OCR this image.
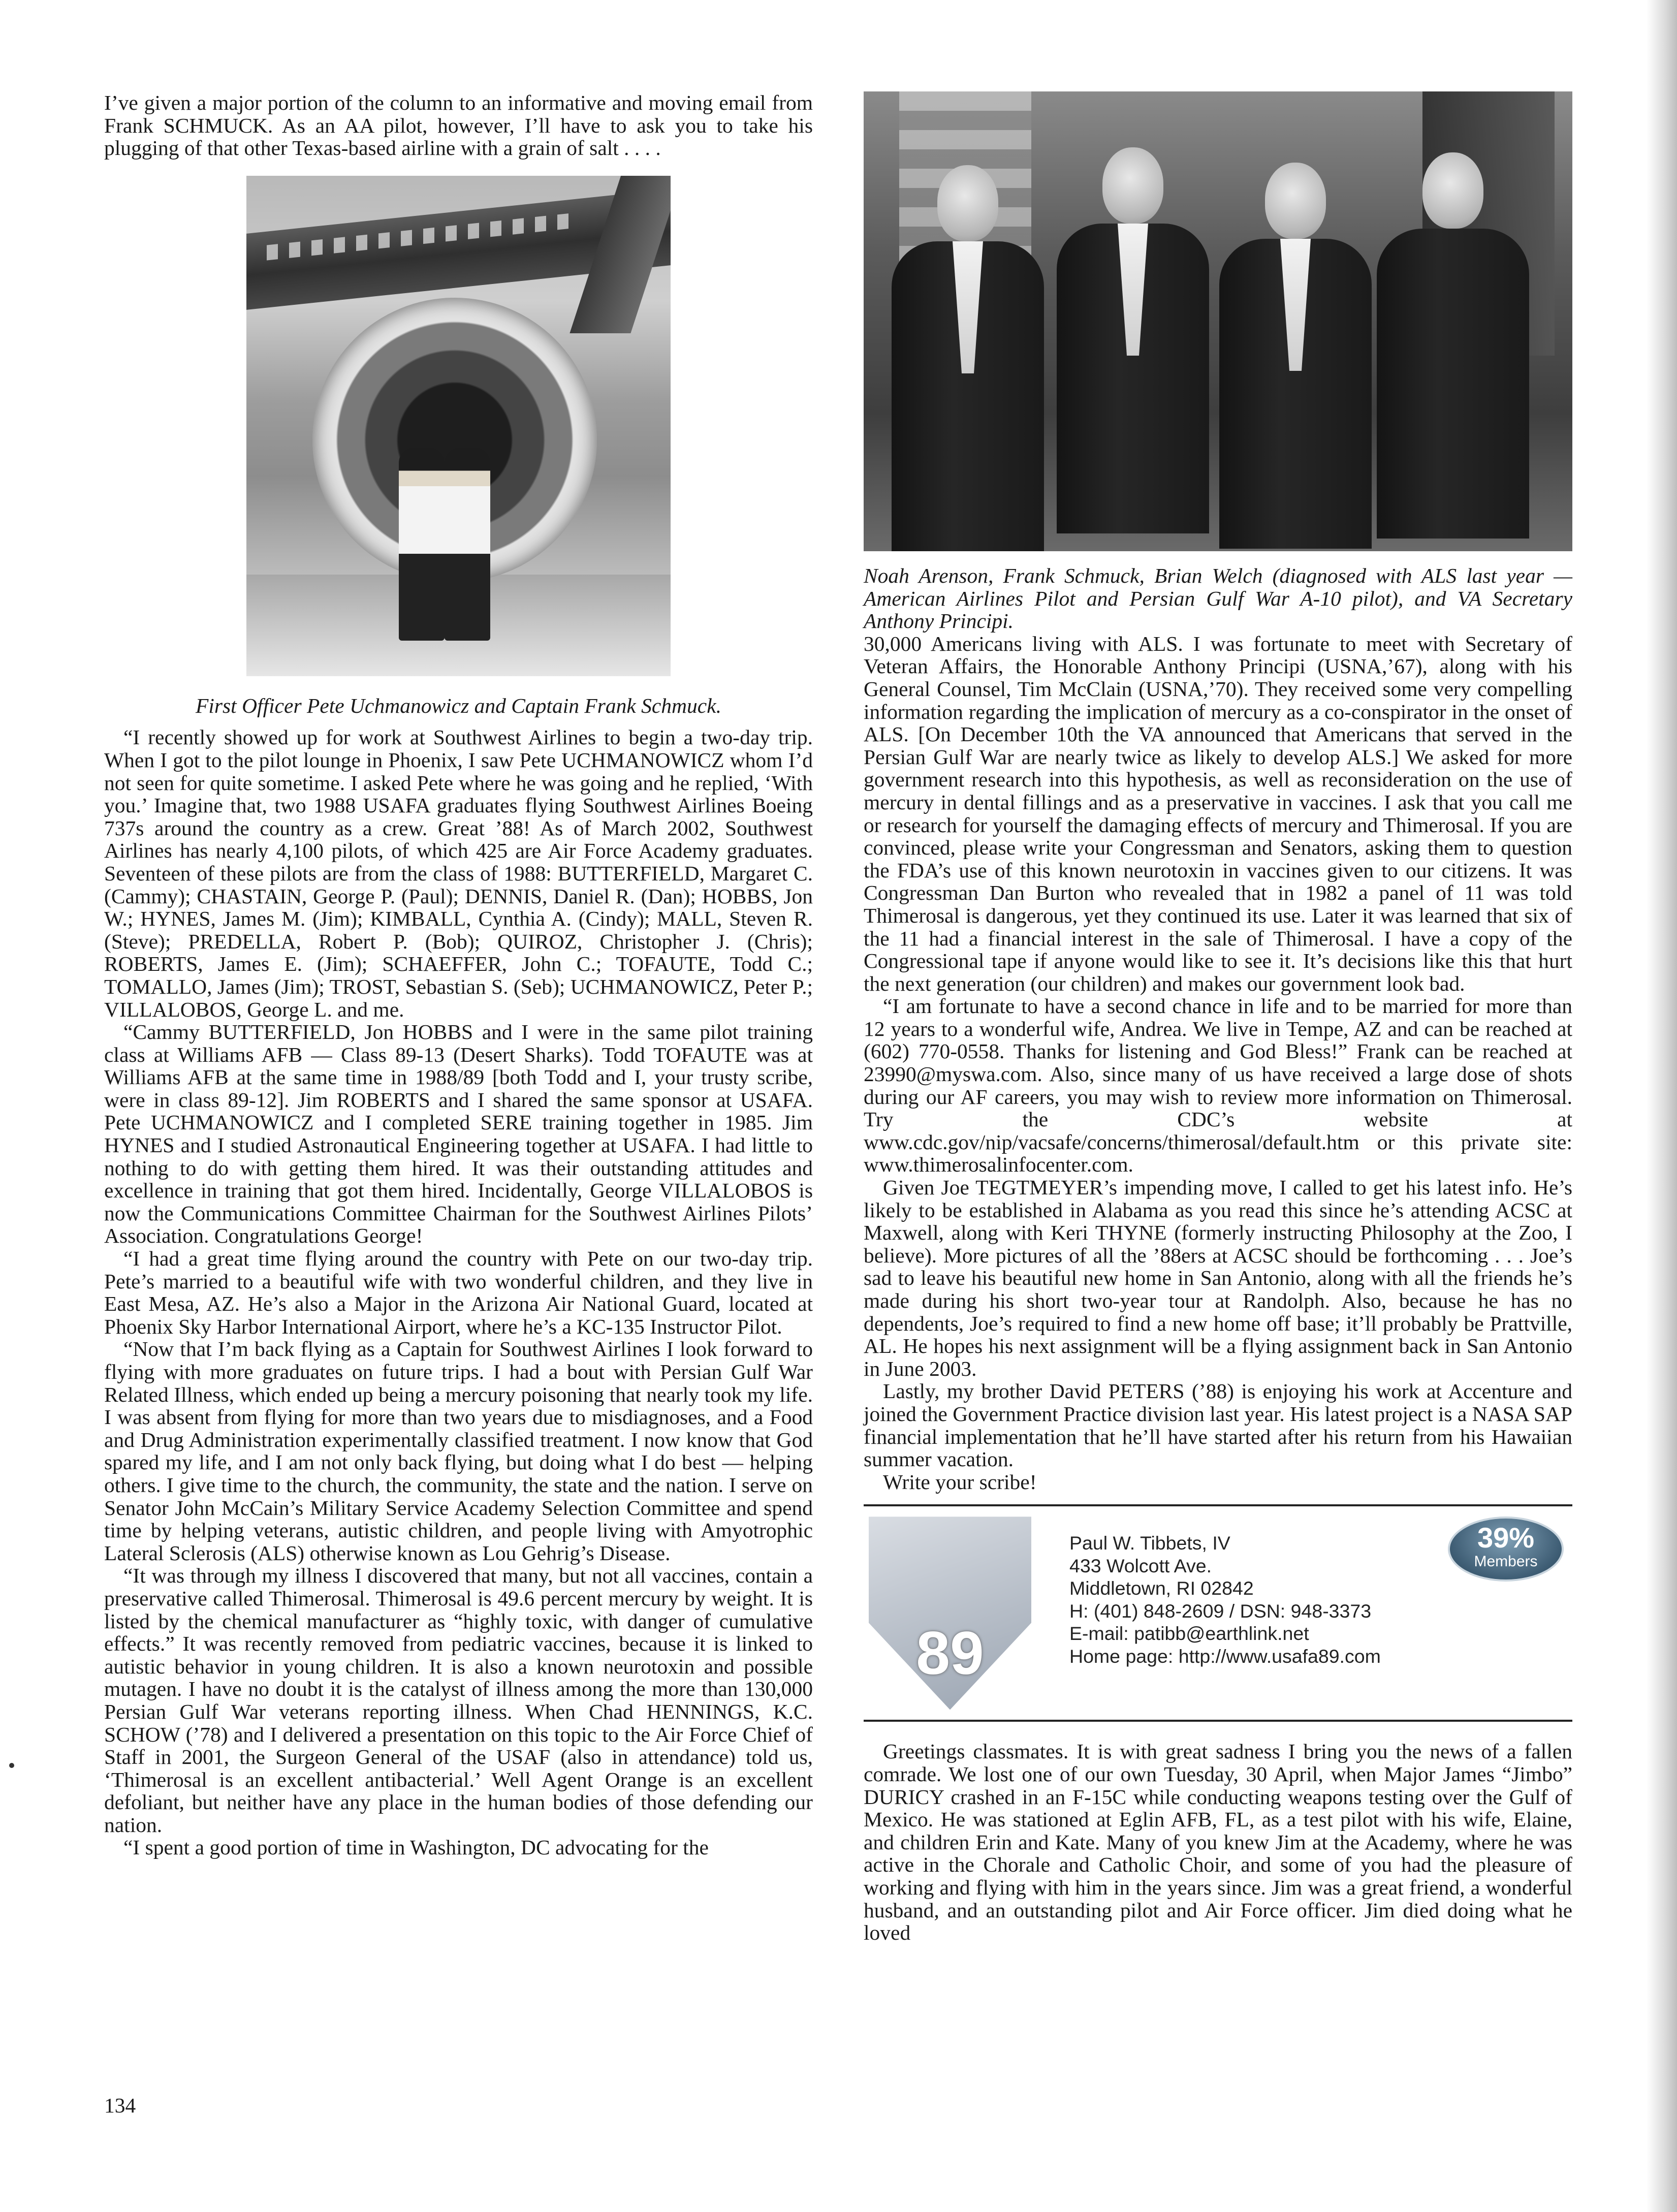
I’ve given a major portion of the column to an informative and moving email from Frank SCHMUCK. As an AA pilot, however, I’ll have to ask you to take his plugging of that other Texas-based airline with a grain of salt . . . .

First Officer Pete Uchmanowicz and Captain Frank Schmuck.

“I recently showed up for work at Southwest Airlines to begin a two-day trip. When I got to the pilot lounge in Phoenix, I saw Pete UCHMANOWICZ whom I’d not seen for quite sometime. I asked Pete where he was going and he replied, ‘With you.’ Imagine that, two 1988 USAFA graduates flying Southwest Airlines Boeing 737s around the country as a crew. Great ’88! As of March 2002, Southwest Airlines has nearly 4,100 pilots, of which 425 are Air Force Academy graduates. Seventeen of these pilots are from the class of 1988: BUTTERFIELD, Margaret C. (Cammy); CHASTAIN, George P. (Paul); DENNIS, Daniel R. (Dan); HOBBS, Jon W.; HYNES, James M. (Jim); KIMBALL, Cynthia A. (Cindy); MALL, Steven R. (Steve); PREDELLA, Robert P. (Bob); QUIROZ, Christopher J. (Chris); ROBERTS, James E. (Jim); SCHAEFFER, John C.; TOFAUTE, Todd C.; TOMALLO, James (Jim); TROST, Sebastian S. (Seb); UCHMANOWICZ, Peter P.; VILLALOBOS, George L. and me.

“Cammy BUTTERFIELD, Jon HOBBS and I were in the same pilot training class at Williams AFB — Class 89-13 (Desert Sharks). Todd TOFAUTE was at Williams AFB at the same time in 1988/89 [both Todd and I, your trusty scribe, were in class 89-12]. Jim ROBERTS and I shared the same sponsor at USAFA. Pete UCHMANOWICZ and I completed SERE training together in 1985. Jim HYNES and I studied Astronautical Engineering together at USAFA. I had little to nothing to do with getting them hired. It was their outstanding attitudes and excellence in training that got them hired. Incidentally, George VILLALOBOS is now the Communications Committee Chairman for the Southwest Airlines Pilots’ Association. Congratulations George!

“I had a great time flying around the country with Pete on our two-day trip. Pete’s married to a beautiful wife with two wonderful children, and they live in East Mesa, AZ. He’s also a Major in the Arizona Air National Guard, located at Phoenix Sky Harbor International Airport, where he’s a KC-135 Instructor Pilot.

“Now that I’m back flying as a Captain for Southwest Airlines I look forward to flying with more graduates on future trips. I had a bout with Persian Gulf War Related Illness, which ended up being a mercury poisoning that nearly took my life. I was absent from flying for more than two years due to misdiagnoses, and a Food and Drug Administration experimentally classified treatment. I now know that God spared my life, and I am not only back flying, but doing what I do best — helping others. I give time to the church, the community, the state and the nation. I serve on Senator John McCain’s Military Service Academy Selection Committee and spend time by helping veterans, autistic children, and people living with Amyotrophic Lateral Sclerosis (ALS) otherwise known as Lou Gehrig’s Disease.

“It was through my illness I discovered that many, but not all vaccines, contain a preservative called Thimerosal. Thimerosal is 49.6 percent mercury by weight. It is listed by the chemical manufacturer as “highly toxic, with danger of cumulative effects.” It was recently removed from pediatric vaccines, because it is linked to autistic behavior in young children. It is also a known neurotoxin and possible mutagen. I have no doubt it is the catalyst of illness among the more than 130,000 Persian Gulf War veterans reporting illness. When Chad HENNINGS, K.C. SCHOW (’78) and I delivered a presentation on this topic to the Air Force Chief of Staff in 2001, the Surgeon General of the USAF (also in attendance) told us, ‘Thimerosal is an excellent antibacterial.’ Well Agent Orange is an excellent defoliant, but neither have any place in the human bodies of those defending our nation.

“I spent a good portion of time in Washington, DC advocating for the

Noah Arenson, Frank Schmuck, Brian Welch (diagnosed with ALS last year — American Airlines Pilot and Persian Gulf War A-10 pilot), and VA Secretary Anthony Principi.

30,000 Americans living with ALS. I was fortunate to meet with Secretary of Veteran Affairs, the Honorable Anthony Principi (USNA,’67), along with his General Counsel, Tim McClain (USNA,’70). They received some very compelling information regarding the implication of mercury as a co-conspirator in the onset of ALS. [On December 10th the VA announced that Americans that served in the Persian Gulf War are nearly twice as likely to develop ALS.] We asked for more government research into this hypothesis, as well as reconsideration on the use of mercury in dental fillings and as a preservative in vaccines. I ask that you call me or research for yourself the damaging effects of mercury and Thimerosal. If you are convinced, please write your Congressman and Senators, asking them to question the FDA’s use of this known neurotoxin in vaccines given to our citizens. It was Congressman Dan Burton who revealed that in 1982 a panel of 11 was told Thimerosal is dangerous, yet they continued its use. Later it was learned that six of the 11 had a financial interest in the sale of Thimerosal. I have a copy of the Congressional tape if anyone would like to see it. It’s decisions like this that hurt the next generation (our children) and makes our government look bad.

“I am fortunate to have a second chance in life and to be married for more than 12 years to a wonderful wife, Andrea. We live in Tempe, AZ and can be reached at (602) 770-0558. Thanks for listening and God Bless!” Frank can be reached at 23990@myswa.com. Also, since many of us have received a large dose of shots during our AF careers, you may wish to review more information on Thimerosal. Try the CDC’s website at www.cdc.gov/nip/vacsafe/concerns/thimerosal/default.htm or this private site: www.thimerosalinfocenter.com.

Given Joe TEGTMEYER’s impending move, I called to get his latest info. He’s likely to be established in Alabama as you read this since he’s attending ACSC at Maxwell, along with Keri THYNE (formerly instructing Philosophy at the Zoo, I believe). More pictures of all the ’88ers at ACSC should be forthcoming . . . Joe’s sad to leave his beautiful new home in San Antonio, along with all the friends he’s made during his short two-year tour at Randolph. Also, because he has no dependents, Joe’s required to find a new home off base; it’ll probably be Prattville, AL. He hopes his next assignment will be a flying assignment back in San Antonio in June 2003.

Lastly, my brother David PETERS (’88) is enjoying his work at Accenture and joined the Government Practice division last year. His latest project is a NASA SAP financial implementation that he’ll have started after his return from his Hawaiian summer vacation.

Write your scribe!

89
Paul W. Tibbets, IV
433 Wolcott Ave.
Middletown, RI 02842
H: (401) 848-2609 / DSN: 948-3373
E-mail: patibb@earthlink.net
Home page: http://www.usafa89.com
39%
Members

Greetings classmates. It is with great sadness I bring you the news of a fallen comrade. We lost one of our own Tuesday, 30 April, when Major James “Jimbo” DURICY crashed in an F-15C while conducting weapons testing over the Gulf of Mexico. He was stationed at Eglin AFB, FL, as a test pilot with his wife, Elaine, and children Erin and Kate. Many of you knew Jim at the Academy, where he was active in the Chorale and Catholic Choir, and some of you had the pleasure of working and flying with him in the years since. Jim was a great friend, a wonderful husband, and an outstanding pilot and Air Force officer. Jim died doing what he loved

134
